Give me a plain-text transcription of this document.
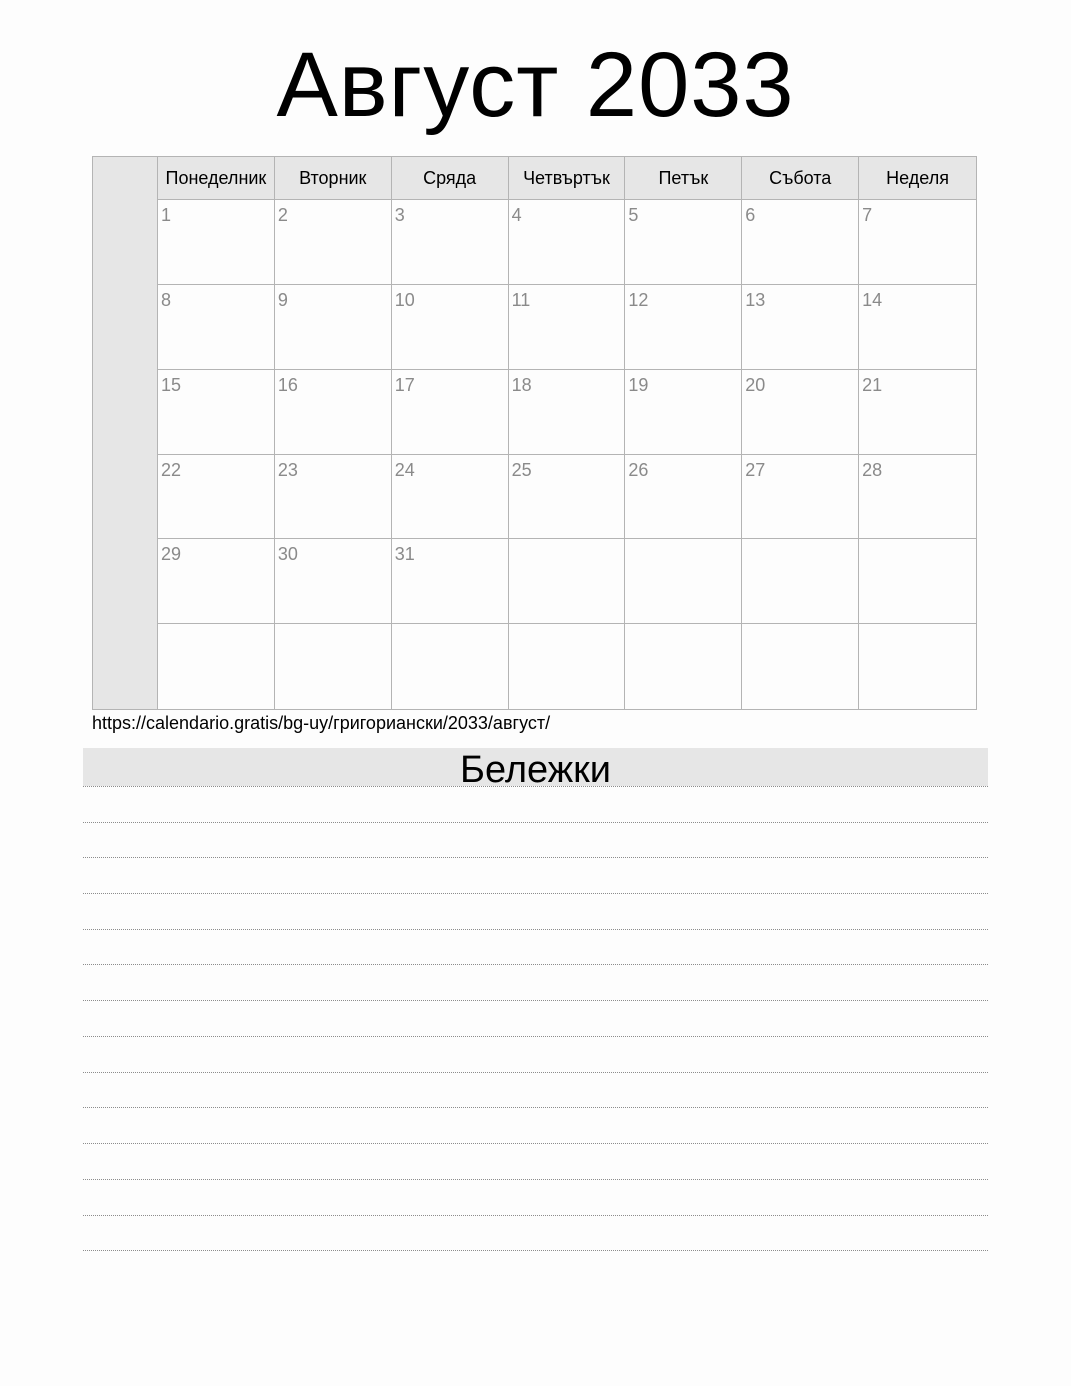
Август 2033
Понеделник	Вторник	Сряда	Четвъртък	Петък	Събота	Неделя
1	2	3	4	5	6	7
8	9	10	11	12	13	14
15	16	17	18	19	20	21
22	23	24	25	26	27	28
29	30	31
https://calendario.gratis/bg-uy/григориански/2033/август/
Бележки
